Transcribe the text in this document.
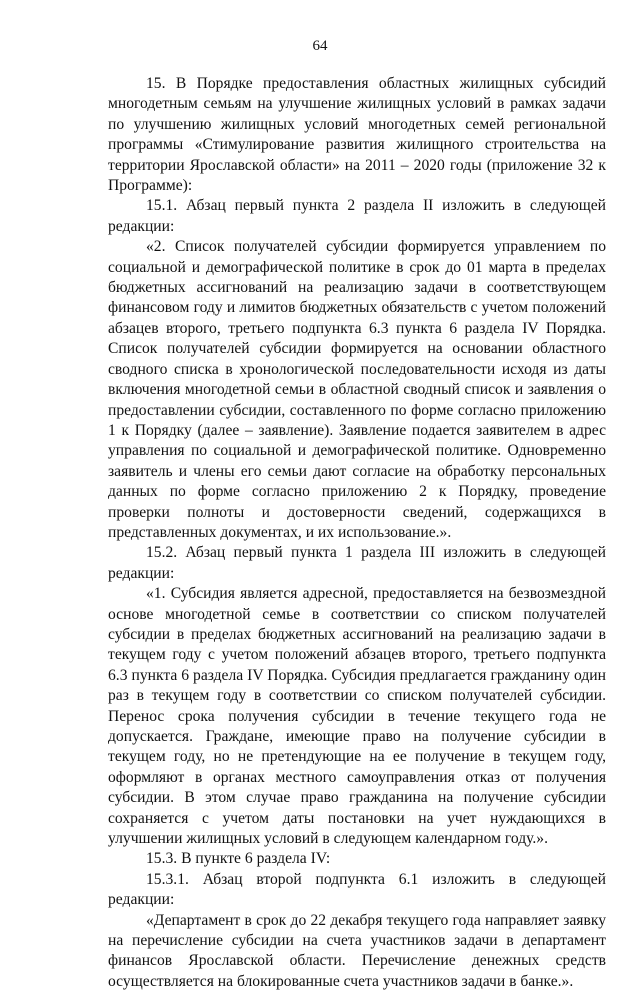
64

15. В Порядке предоставления областных жилищных субсидий многодетным семьям на улучшение жилищных условий в рамках задачи по улучшению жилищных условий многодетных семей региональной программы «Стимулирование развития жилищного строительства на территории Ярославской области» на 2011 – 2020 годы (приложение 32 к Программе):

15.1. Абзац первый пункта 2 раздела II изложить в следующей редакции:

«2. Список получателей субсидии формируется управлением по социальной и демографической политике в срок до 01 марта в пределах бюджетных ассигнований на реализацию задачи в соответствующем финансовом году и лимитов бюджетных обязательств с учетом положений абзацев второго, третьего подпункта 6.3 пункта 6 раздела IV Порядка. Список получателей субсидии формируется на основании областного сводного списка в хронологической последовательности исходя из даты включения многодетной семьи в областной сводный список и заявления о предоставлении субсидии, составленного по форме согласно приложению 1 к Порядку (далее – заявление). Заявление подается заявителем в адрес управления по социальной и демографической политике. Одновременно заявитель и члены его семьи дают согласие на обработку персональных данных по форме согласно приложению 2 к Порядку, проведение проверки полноты и достоверности сведений, содержащихся в представленных документах, и их использование.».

15.2. Абзац первый пункта 1 раздела III изложить в следующей редакции:

«1. Субсидия является адресной, предоставляется на безвозмездной основе многодетной семье в соответствии со списком получателей субсидии в пределах бюджетных ассигнований на реализацию задачи в текущем году с учетом положений абзацев второго, третьего подпункта 6.3 пункта 6 раздела IV Порядка. Субсидия предлагается гражданину один раз в текущем году в соответствии со списком получателей субсидии. Перенос срока получения субсидии в течение текущего года не допускается. Граждане, имеющие право на получение субсидии в текущем году, но не претендующие на ее получение в текущем году, оформляют в органах местного самоуправления отказ от получения субсидии. В этом случае право гражданина на получение субсидии сохраняется с учетом даты постановки на учет нуждающихся в улучшении жилищных условий в следующем календарном году.».

15.3. В пункте 6 раздела IV:

15.3.1. Абзац второй подпункта 6.1 изложить в следующей редакции:

«Департамент в срок до 22 декабря текущего года направляет заявку на перечисление субсидии на счета участников задачи в департамент финансов Ярославской области. Перечисление денежных средств осуществляется на блокированные счета участников задачи в банке.».
